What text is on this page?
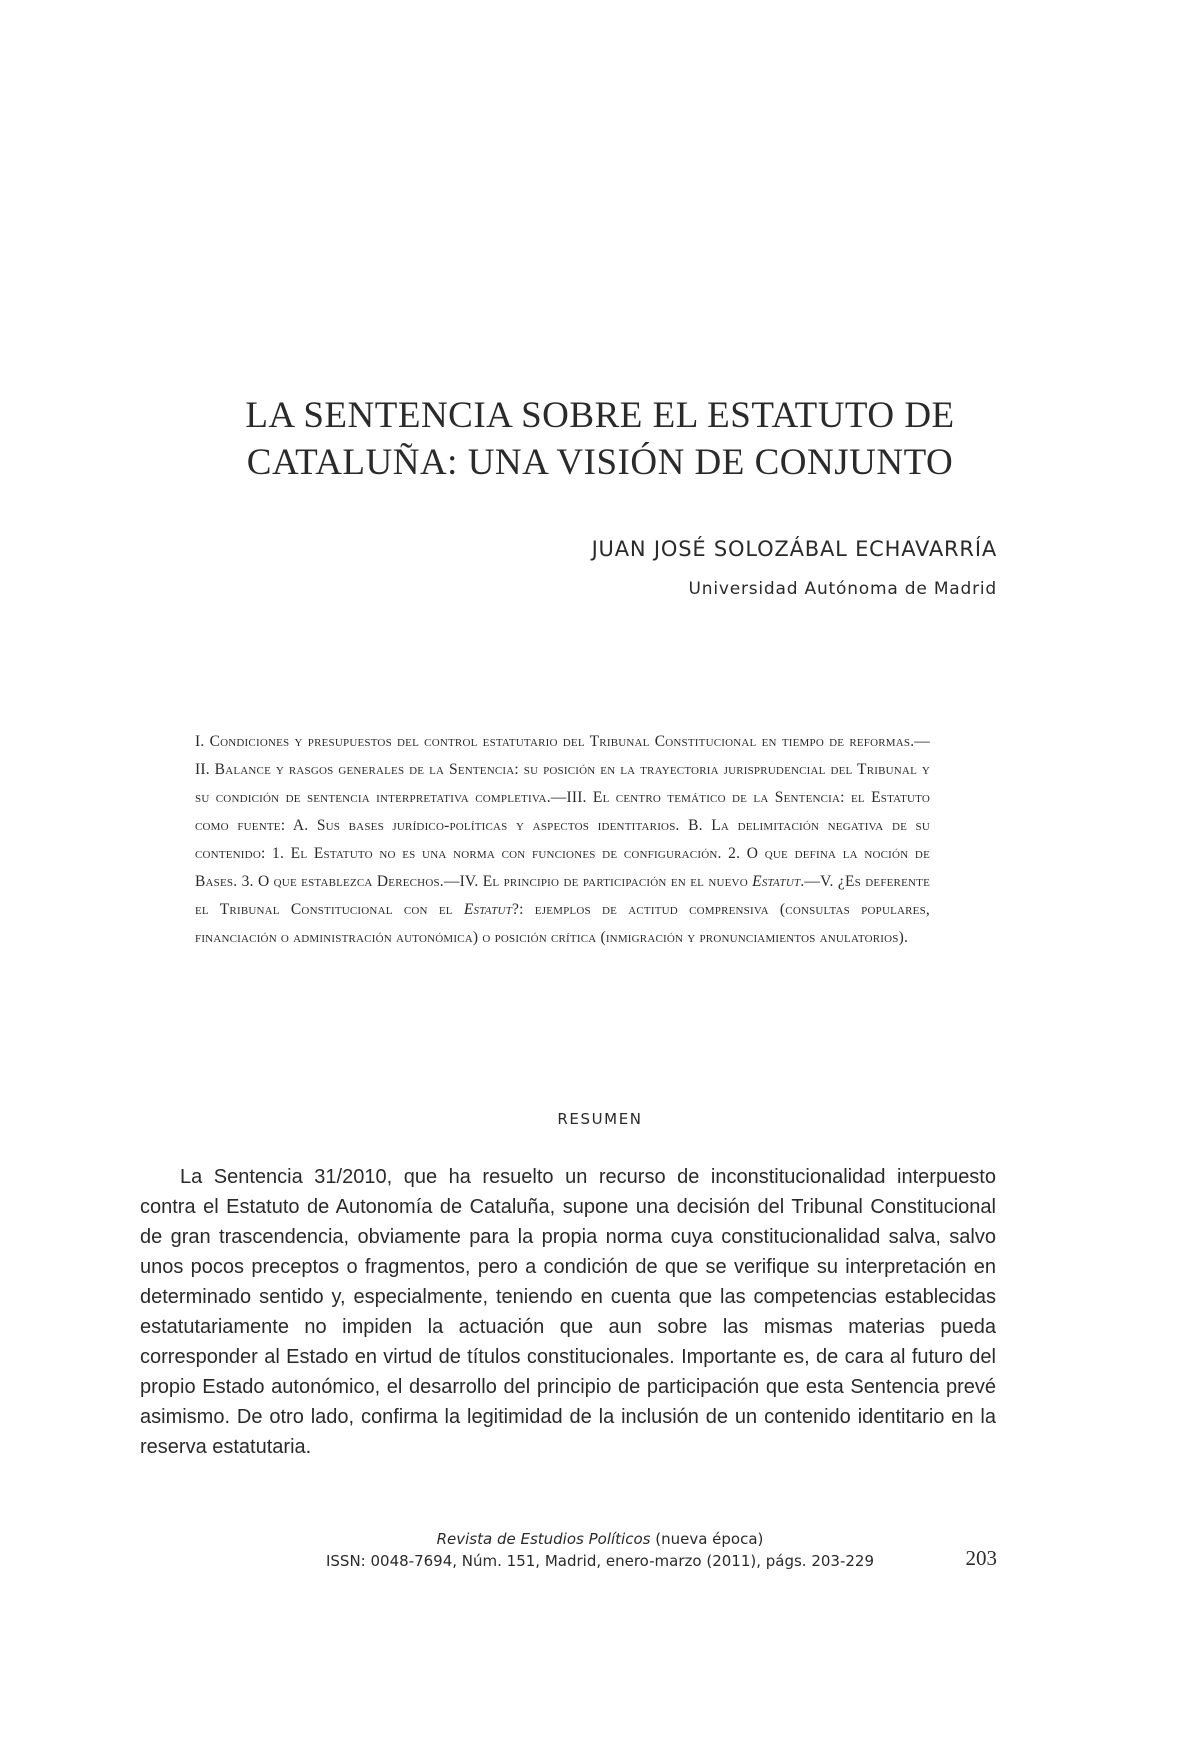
LA SENTENCIA SOBRE EL ESTATUTO DE
CATALUÑA: UNA VISIÓN DE CONJUNTO

JUAN JOSÉ SOLOZÁBAL ECHAVARRÍA

Universidad Autónoma de Madrid

I. Condiciones y presupuestos del control estatutario del Tribunal Constitucional en tiempo de reformas.—II. Balance y rasgos generales de la Sentencia: su posición en la trayectoria jurisprudencial del Tribunal y su condición de sentencia interpretativa completiva.—III. El centro temático de la Sentencia: el Estatuto como fuente: A. Sus bases jurídico-políticas y aspectos identitarios. B. La delimitación negativa de su contenido: 1. El Estatuto no es una norma con funciones de configuración. 2. O que defina la noción de Bases. 3. O que establezca Derechos.—IV. El principio de participación en el nuevo Estatut.—V. ¿Es deferente el Tribunal Constitucional con el Estatut?: ejemplos de actitud comprensiva (consultas populares, financiación o administración autonómica) o posición crítica (inmigración y pronunciamientos anulatorios).

RESUMEN

La Sentencia 31/2010, que ha resuelto un recurso de inconstitucionalidad interpuesto contra el Estatuto de Autonomía de Cataluña, supone una decisión del Tribunal Constitucional de gran trascendencia, obviamente para la propia norma cuya constitucionalidad salva, salvo unos pocos preceptos o fragmentos, pero a condición de que se verifique su interpretación en determinado sentido y, especialmente, teniendo en cuenta que las competencias establecidas estatutariamente no impiden la actuación que aun sobre las mismas materias pueda corresponder al Estado en virtud de títulos constitucionales. Importante es, de cara al futuro del propio Estado autonómico, el desarrollo del principio de participación que esta Sentencia prevé asimismo. De otro lado, confirma la legitimidad de la inclusión de un contenido identitario en la reserva estatutaria.

Revista de Estudios Políticos (nueva época)

ISSN: 0048-7694, Núm. 151, Madrid, enero-marzo (2011), págs. 203-229	203
